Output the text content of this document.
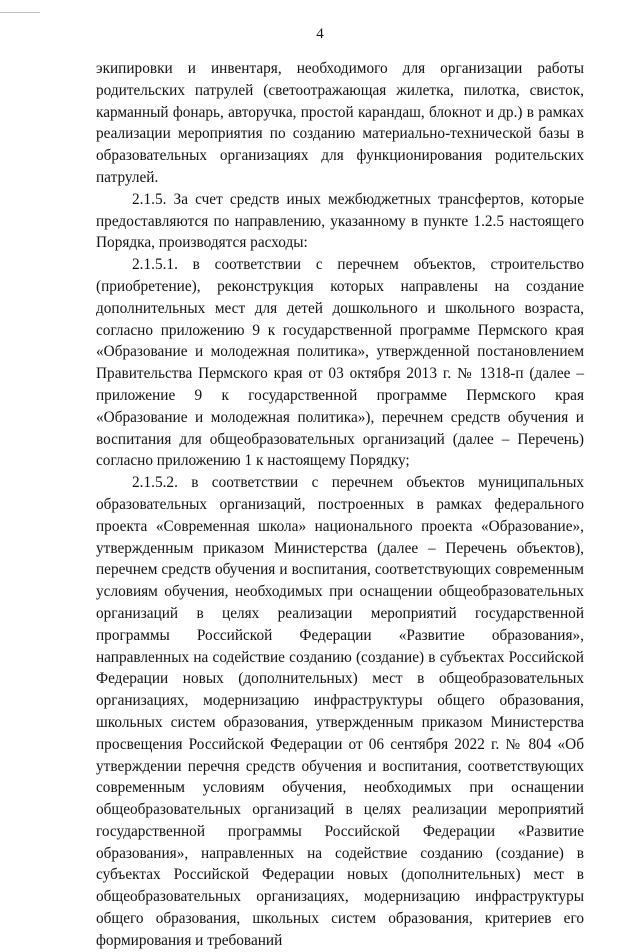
4

экипировки и инвентаря, необходимого для организации работы родительских патрулей (светоотражающая жилетка, пилотка, свисток, карманный фонарь, авторучка, простой карандаш, блокнот и др.) в рамках реализации мероприятия по созданию материально-технической базы в образовательных организациях для функционирования родительских патрулей.

2.1.5. За счет средств иных межбюджетных трансфертов, которые предоставляются по направлению, указанному в пункте 1.2.5 настоящего Порядка, производятся расходы:

2.1.5.1. в соответствии с перечнем объектов, строительство (приобретение), реконструкция которых направлены на создание дополнительных мест для детей дошкольного и школьного возраста, согласно приложению 9 к государственной программе Пермского края «Образование и молодежная политика», утвержденной постановлением Правительства Пермского края от 03 октября 2013 г. № 1318-п (далее – приложение 9 к государственной программе Пермского края «Образование и молодежная политика»), перечнем средств обучения и воспитания для общеобразовательных организаций (далее – Перечень) согласно приложению 1 к настоящему Порядку;

2.1.5.2. в соответствии с перечнем объектов муниципальных образовательных организаций, построенных в рамках федерального проекта «Современная школа» национального проекта «Образование», утвержденным приказом Министерства (далее – Перечень объектов), перечнем средств обучения и воспитания, соответствующих современным условиям обучения, необходимых при оснащении общеобразовательных организаций в целях реализации мероприятий государственной программы Российской Федерации «Развитие образования», направленных на содействие созданию (создание) в субъектах Российской Федерации новых (дополнительных) мест в общеобразовательных организациях, модернизацию инфраструктуры общего образования, школьных систем образования, утвержденным приказом Министерства просвещения Российской Федерации от 06 сентября 2022 г. № 804 «Об утверждении перечня средств обучения и воспитания, соответствующих современным условиям обучения, необходимых при оснащении общеобразовательных организаций в целях реализации мероприятий государственной программы Российской Федерации «Развитие образования», направленных на содействие созданию (создание) в субъектах Российской Федерации новых (дополнительных) мест в общеобразовательных организациях, модернизацию инфраструктуры общего образования, школьных систем образования, критериев его формирования и требований
